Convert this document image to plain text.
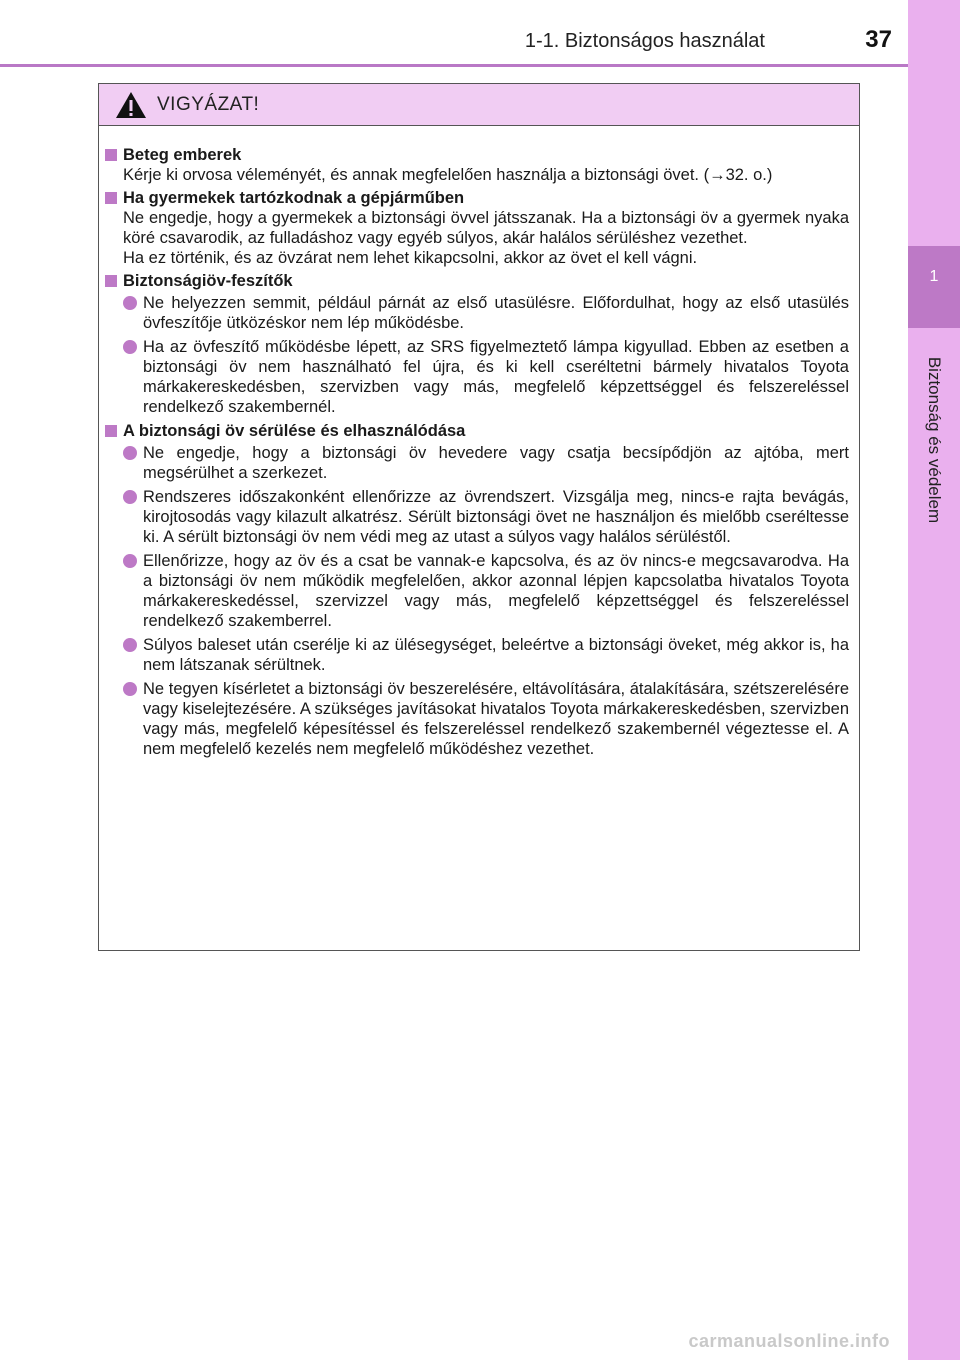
1-1. Biztonságos használat	37
1
Biztonság és védelem
VIGYÁZAT!
Beteg emberek

Kérje ki orvosa véleményét, és annak megfelelően használja a biztonsági övet. (→32. o.)

Ha gyermekek tartózkodnak a gépjárműben

Ne engedje, hogy a gyermekek a biztonsági övvel játsszanak. Ha a biztonsági öv a gyermek nyaka köré csavarodik, az fulladáshoz vagy egyéb súlyos, akár halálos sérüléshez vezethet.

Ha ez történik, és az övzárat nem lehet kikapcsolni, akkor az övet el kell vágni.

Biztonságiöv-feszítők
Ne helyezzen semmit, például párnát az első utasülésre. Előfordulhat, hogy az első utasülés övfeszítője ütközéskor nem lép működésbe.
Ha az övfeszítő működésbe lépett, az SRS figyelmeztető lámpa kigyullad. Ebben az esetben a biztonsági öv nem használható fel újra, és ki kell cseréltetni bármely hivatalos Toyota márkakereskedésben, szervizben vagy más, megfelelő képzettséggel és felszereléssel rendelkező szakembernél.
A biztonsági öv sérülése és elhasználódása
Ne engedje, hogy a biztonsági öv hevedere vagy csatja becsípődjön az ajtóba, mert megsérülhet a szerkezet.
Rendszeres időszakonként ellenőrizze az övrendszert. Vizsgálja meg, nincs-e rajta bevágás, kirojtosodás vagy kilazult alkatrész. Sérült biztonsági övet ne használjon és mielőbb cseréltesse ki. A sérült biztonsági öv nem védi meg az utast a súlyos vagy halálos sérüléstől.
Ellenőrizze, hogy az öv és a csat be vannak-e kapcsolva, és az öv nincs-e megcsavarodva. Ha a biztonsági öv nem működik megfelelően, akkor azonnal lépjen kapcsolatba hivatalos Toyota márkakereskedéssel, szervizzel vagy más, megfelelő képzettséggel és felszereléssel rendelkező szakemberrel.
Súlyos baleset után cserélje ki az ülésegységet, beleértve a biztonsági öveket, még akkor is, ha nem látszanak sérültnek.
Ne tegyen kísérletet a biztonsági öv beszerelésére, eltávolítására, átalakítására, szétszerelésére vagy kiselejtezésére. A szükséges javításokat hivatalos Toyota márkakereskedésben, szervizben vagy más, megfelelő képesítéssel és felszereléssel rendelkező szakembernél végeztesse el. A nem megfelelő kezelés nem megfelelő működéshez vezethet.
carmanualsonline.info
